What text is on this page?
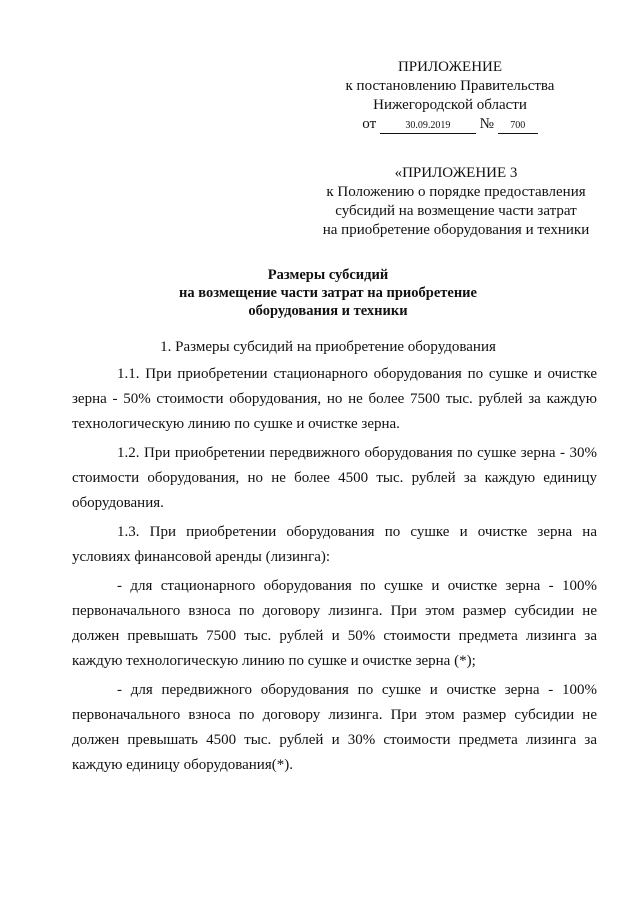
ПРИЛОЖЕНИЕ
к постановлению Правительства
Нижегородской области
от	30.09.2019 № 700
«ПРИЛОЖЕНИЕ 3
к Положению о порядке предоставления
субсидий на возмещение части затрат
на приобретение оборудования и техники
Размеры субсидий
на возмещение части затрат на приобретение
оборудования и техники
1. Размеры субсидий на приобретение оборудования

1.1. При приобретении стационарного оборудования по сушке и очистке зерна - 50% стоимости оборудования, но не более 7500 тыс. рублей за каждую технологическую линию по сушке и очистке зерна.

1.2. При приобретении передвижного оборудования по сушке зерна - 30% стоимости оборудования, но не более 4500 тыс. рублей за каждую единицу оборудования.

1.3. При приобретении оборудования по сушке и очистке зерна на условиях финансовой аренды (лизинга):

- для стационарного оборудования по сушке и очистке зерна - 100% первоначального взноса по договору лизинга. При этом размер субсидии не должен превышать 7500 тыс. рублей и 50% стоимости предмета лизинга за каждую технологическую линию по сушке и очистке зерна (*);

- для передвижного оборудования по сушке и очистке зерна - 100% первоначального взноса по договору лизинга. При этом размер субсидии не должен превышать 4500 тыс. рублей и 30% стоимости предмета лизинга за каждую единицу оборудования(*).
